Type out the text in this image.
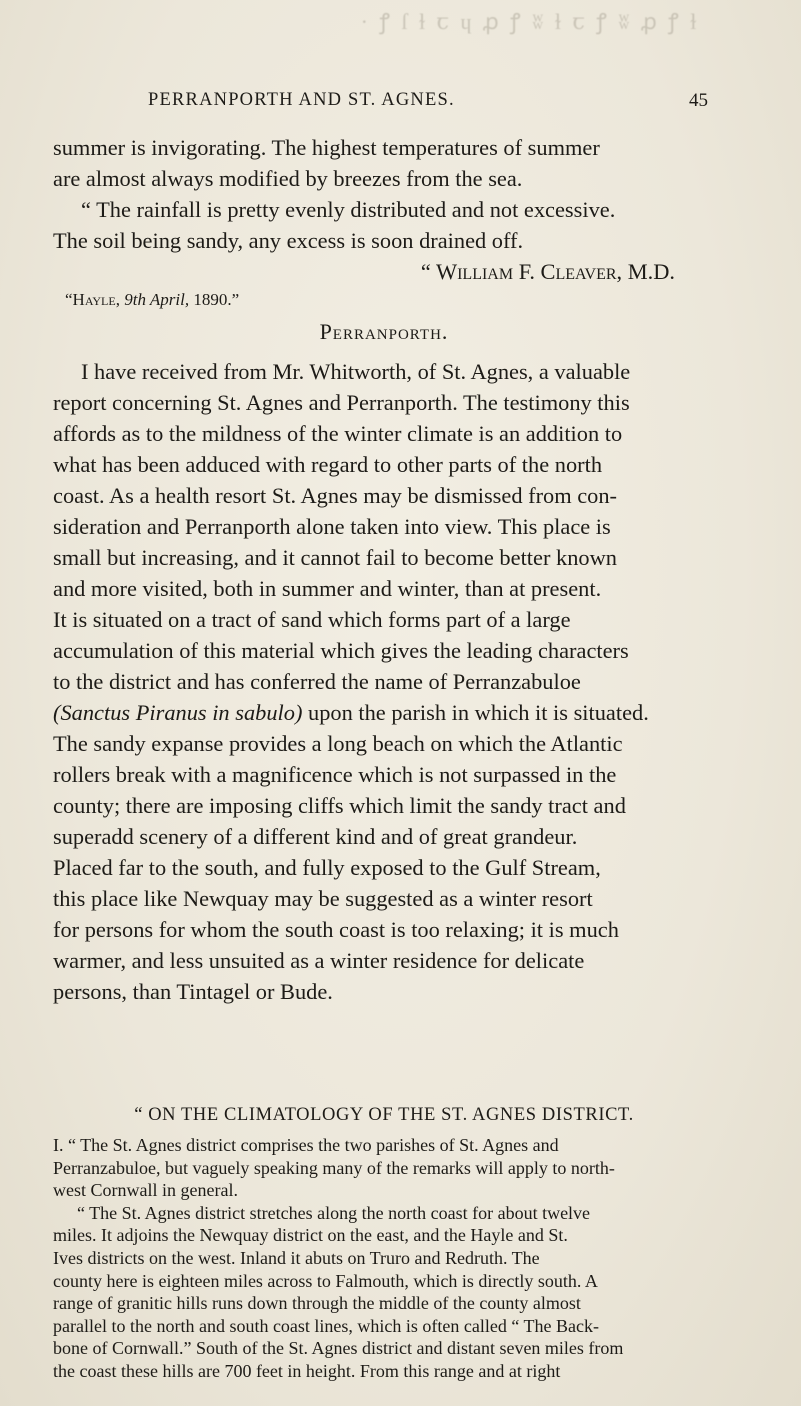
· ꝭ ſ ɫ ꞇ ɥ ꝓ ꝭ ʬ ɫ ꞇ ꝭ ʬ ꝓ ꝭ ɫ
PERRANPORTH AND ST. AGNES.	45
summer is invigorating. The highest temperatures of summer
are almost always modified by breezes from the sea.
“ The rainfall is pretty evenly distributed and not excessive.
The soil being sandy, any excess is soon drained off.
“ William F. Cleaver, M.D.
“Hayle, 9th April, 1890.”
Perranporth.
I have received from Mr. Whitworth, of St. Agnes, a valuable
report concerning St. Agnes and Perranporth. The testimony this
affords as to the mildness of the winter climate is an addition to
what has been adduced with regard to other parts of the north
coast. As a health resort St. Agnes may be dismissed from con-
sideration and Perranporth alone taken into view. This place is
small but increasing, and it cannot fail to become better known
and more visited, both in summer and winter, than at present.
It is situated on a tract of sand which forms part of a large
accumulation of this material which gives the leading characters
to the district and has conferred the name of Perranzabuloe
(Sanctus Piranus in sabulo) upon the parish in which it is situated.
The sandy expanse provides a long beach on which the Atlantic
rollers break with a magnificence which is not surpassed in the
county; there are imposing cliffs which limit the sandy tract and
superadd scenery of a different kind and of great grandeur.
Placed far to the south, and fully exposed to the Gulf Stream,
this place like Newquay may be suggested as a winter resort
for persons for whom the south coast is too relaxing; it is much
warmer, and less unsuited as a winter residence for delicate
persons, than Tintagel or Bude.
“ ON THE CLIMATOLOGY OF THE ST. AGNES DISTRICT.
I. “ The St. Agnes district comprises the two parishes of St. Agnes and
Perranzabuloe, but vaguely speaking many of the remarks will apply to north-
west Cornwall in general.
“ The St. Agnes district stretches along the north coast for about twelve
miles. It adjoins the Newquay district on the east, and the Hayle and St.
Ives districts on the west. Inland it abuts on Truro and Redruth. The
county here is eighteen miles across to Falmouth, which is directly south. A
range of granitic hills runs down through the middle of the county almost
parallel to the north and south coast lines, which is often called “ The Back-
bone of Cornwall.” South of the St. Agnes district and distant seven miles from
the coast these hills are 700 feet in height. From this range and at right
